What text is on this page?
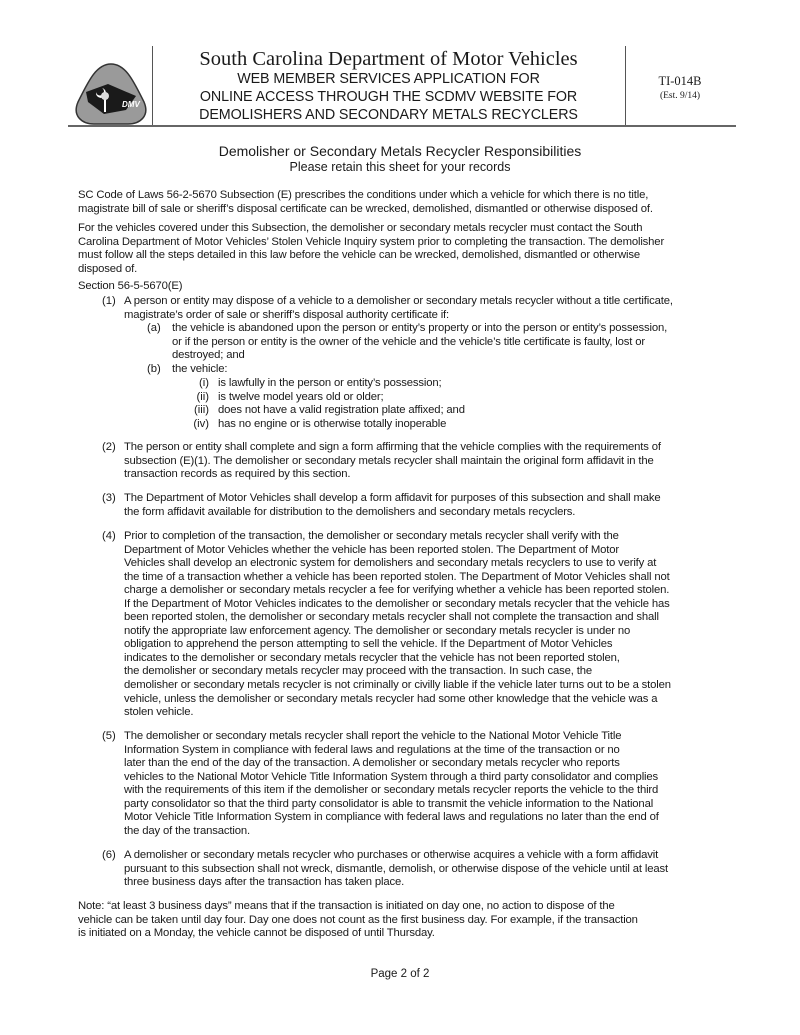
DMV
South Carolina Department of Motor Vehicles
WEB MEMBER SERVICES APPLICATION FOR
ONLINE ACCESS THROUGH THE SCDMV WEBSITE FOR
DEMOLISHERS AND SECONDARY METALS RECYCLERS
TI-014B
(Est. 9/14)
Demolisher or Secondary Metals Recycler Responsibilities
Please retain this sheet for your records
SC Code of Laws 56-2-5670 Subsection (E) prescribes the conditions under which a vehicle for which there is no title,
magistrate bill of sale or sheriff’s disposal certificate can be wrecked, demolished, dismantled or otherwise disposed of.
For the vehicles covered under this Subsection, the demolisher or secondary metals recycler must contact the South
Carolina Department of Motor Vehicles’ Stolen Vehicle Inquiry system prior to completing the transaction. The demolisher
must follow all the steps detailed in this law before the vehicle can be wrecked, demolished, dismantled or otherwise
disposed of.
Section 56-5-5670(E)
(1) A person or entity may dispose of a vehicle to a demolisher or secondary metals recycler without a title certificate,
magistrate’s order of sale or sheriff’s disposal authority certificate if:
(2) The person or entity shall complete and sign a form affirming that the vehicle complies with the requirements of
subsection (E)(1). The demolisher or secondary metals recycler shall maintain the original form affidavit in the
transaction records as required by this section.
(3) The Department of Motor Vehicles shall develop a form affidavit for purposes of this subsection and shall make
the form affidavit available for distribution to the demolishers and secondary metals recyclers.
(4) Prior to completion of the transaction, the demolisher or secondary metals recycler shall verify with the
Department of Motor Vehicles whether the vehicle has been reported stolen. The Department of Motor
Vehicles shall develop an electronic system for demolishers and secondary metals recyclers to use to verify at
the time of a transaction whether a vehicle has been reported stolen. The Department of Motor Vehicles shall not
charge a demolisher or secondary metals recycler a fee for verifying whether a vehicle has been reported stolen.
If the Department of Motor Vehicles indicates to the demolisher or secondary metals recycler that the vehicle has
been reported stolen, the demolisher or secondary metals recycler shall not complete the transaction and shall
notify the appropriate law enforcement agency. The demolisher or secondary metals recycler is under no
obligation to apprehend the person attempting to sell the vehicle. If the Department of Motor Vehicles
indicates to the demolisher or secondary metals recycler that the vehicle has not been reported stolen,
the demolisher or secondary metals recycler may proceed with the transaction. In such case, the
demolisher or secondary metals recycler is not criminally or civilly liable if the vehicle later turns out to be a stolen
vehicle, unless the demolisher or secondary metals recycler had some other knowledge that the vehicle was a
stolen vehicle.
(5) The demolisher or secondary metals recycler shall report the vehicle to the National Motor Vehicle Title
Information System in compliance with federal laws and regulations at the time of the transaction or no
later than the end of the day of the transaction. A demolisher or secondary metals recycler who reports
vehicles to the National Motor Vehicle Title Information System through a third party consolidator and complies
with the requirements of this item if the demolisher or secondary metals recycler reports the vehicle to the third
party consolidator so that the third party consolidator is able to transmit the vehicle information to the National
Motor Vehicle Title Information System in compliance with federal laws and regulations no later than the end of
the day of the transaction.
(6) A demolisher or secondary metals recycler who purchases or otherwise acquires a vehicle with a form affidavit
pursuant to this subsection shall not wreck, dismantle, demolish, or otherwise dispose of the vehicle until at least
three business days after the transaction has taken place.
(a) the vehicle is abandoned upon the person or entity’s property or into the person or entity’s possession,
or if the person or entity is the owner of the vehicle and the vehicle’s title certificate is faulty, lost or
destroyed; and
(b) the vehicle:
(i) is lawfully in the person or entity’s possession;
(ii) is twelve model years old or older;
(iii) does not have a valid registration plate affixed; and
(iv) has no engine or is otherwise totally inoperable
Note: “at least 3 business days” means that if the transaction is initiated on day one, no action to dispose of the
vehicle can be taken until day four. Day one does not count as the first business day. For example, if the transaction
is initiated on a Monday, the vehicle cannot be disposed of until Thursday.
Page 2 of 2
